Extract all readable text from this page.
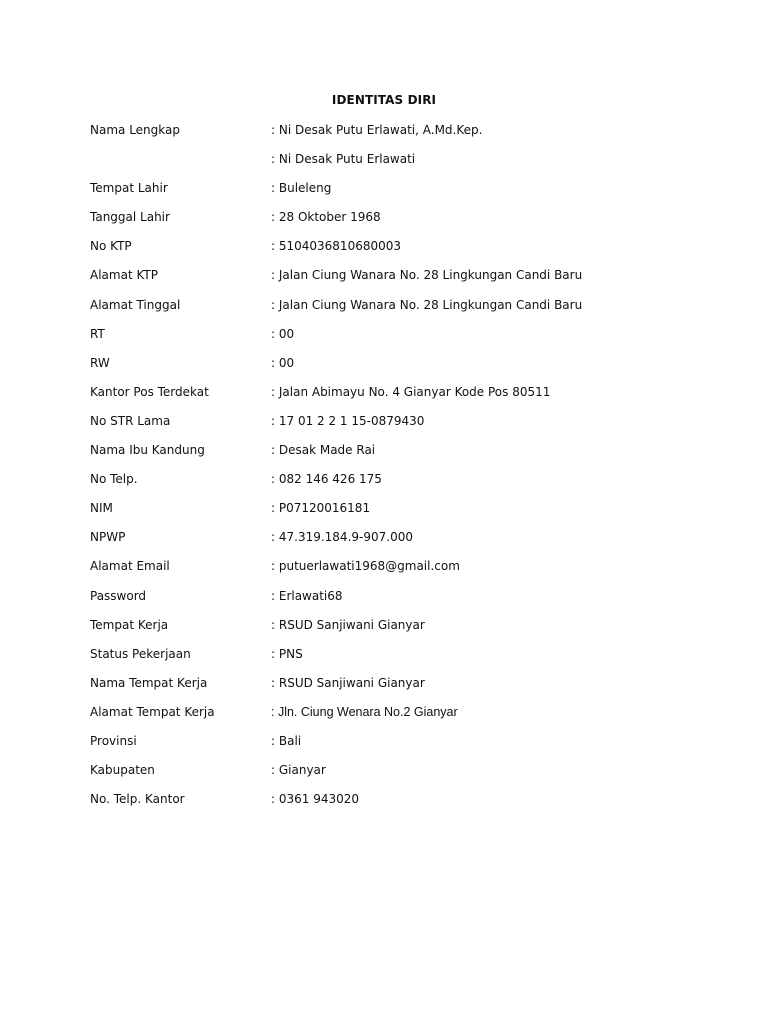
IDENTITAS DIRI
Nama Lengkap	: Ni Desak Putu Erlawati, A.Md.Kep.
: Ni Desak Putu Erlawati
Tempat Lahir	: Buleleng
Tanggal Lahir	: 28 Oktober 1968
No KTP	: 5104036810680003
Alamat KTP	: Jalan Ciung Wanara No. 28 Lingkungan Candi Baru
Alamat Tinggal	: Jalan Ciung Wanara No. 28 Lingkungan Candi Baru
RT	: 00
RW	: 00
Kantor Pos Terdekat	: Jalan Abimayu No. 4 Gianyar Kode Pos 80511
No STR Lama	: 17 01 2 2 1 15-0879430
Nama Ibu Kandung	: Desak Made Rai
No Telp.	: 082 146 426 175
NIM	: P07120016181
NPWP	: 47.319.184.9-907.000
Alamat Email	: putuerlawati1968@gmail.com
Password	: Erlawati68
Tempat Kerja	: RSUD Sanjiwani Gianyar
Status Pekerjaan	: PNS
Nama Tempat Kerja	: RSUD Sanjiwani Gianyar
Alamat Tempat Kerja	: Jln. Ciung Wenara No.2 Gianyar
Provinsi	: Bali
Kabupaten	: Gianyar
No. Telp. Kantor	: 0361 943020
